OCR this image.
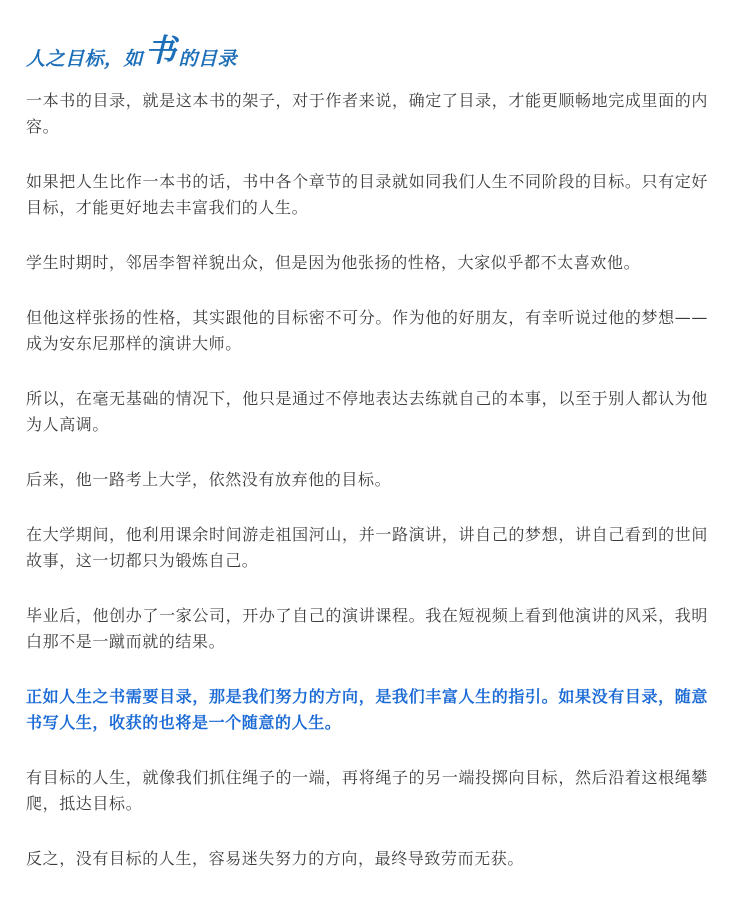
人之目标，如 书 的目录

一本书的目录，就是这本书的架子，对于作者来说，确定了目录，才能更顺畅地完成里面的内容。

如果把人生比作一本书的话，书中各个章节的目录就如同我们人生不同阶段的目标。只有定好目标，才能更好地去丰富我们的人生。

学生时期时，邻居李智祥貌出众，但是因为他张扬的性格，大家似乎都不太喜欢他。

但他这样张扬的性格，其实跟他的目标密不可分。作为他的好朋友，有幸听说过他的梦想——成为安东尼那样的演讲大师。

所以，在毫无基础的情况下，他只是通过不停地表达去练就自己的本事，以至于别人都认为他为人高调。

后来，他一路考上大学，依然没有放弃他的目标。

在大学期间，他利用课余时间游走祖国河山，并一路演讲，讲自己的梦想，讲自己看到的世间故事，这一切都只为锻炼自己。

毕业后，他创办了一家公司，开办了自己的演讲课程。我在短视频上看到他演讲的风采，我明白那不是一蹴而就的结果。

正如人生之书需要目录，那是我们努力的方向，是我们丰富人生的指引。如果没有目录，随意书写人生，收获的也将是一个随意的人生。

有目标的人生，就像我们抓住绳子的一端，再将绳子的另一端投掷向目标，然后沿着这根绳攀爬，抵达目标。

反之，没有目标的人生，容易迷失努力的方向，最终导致劳而无获。
